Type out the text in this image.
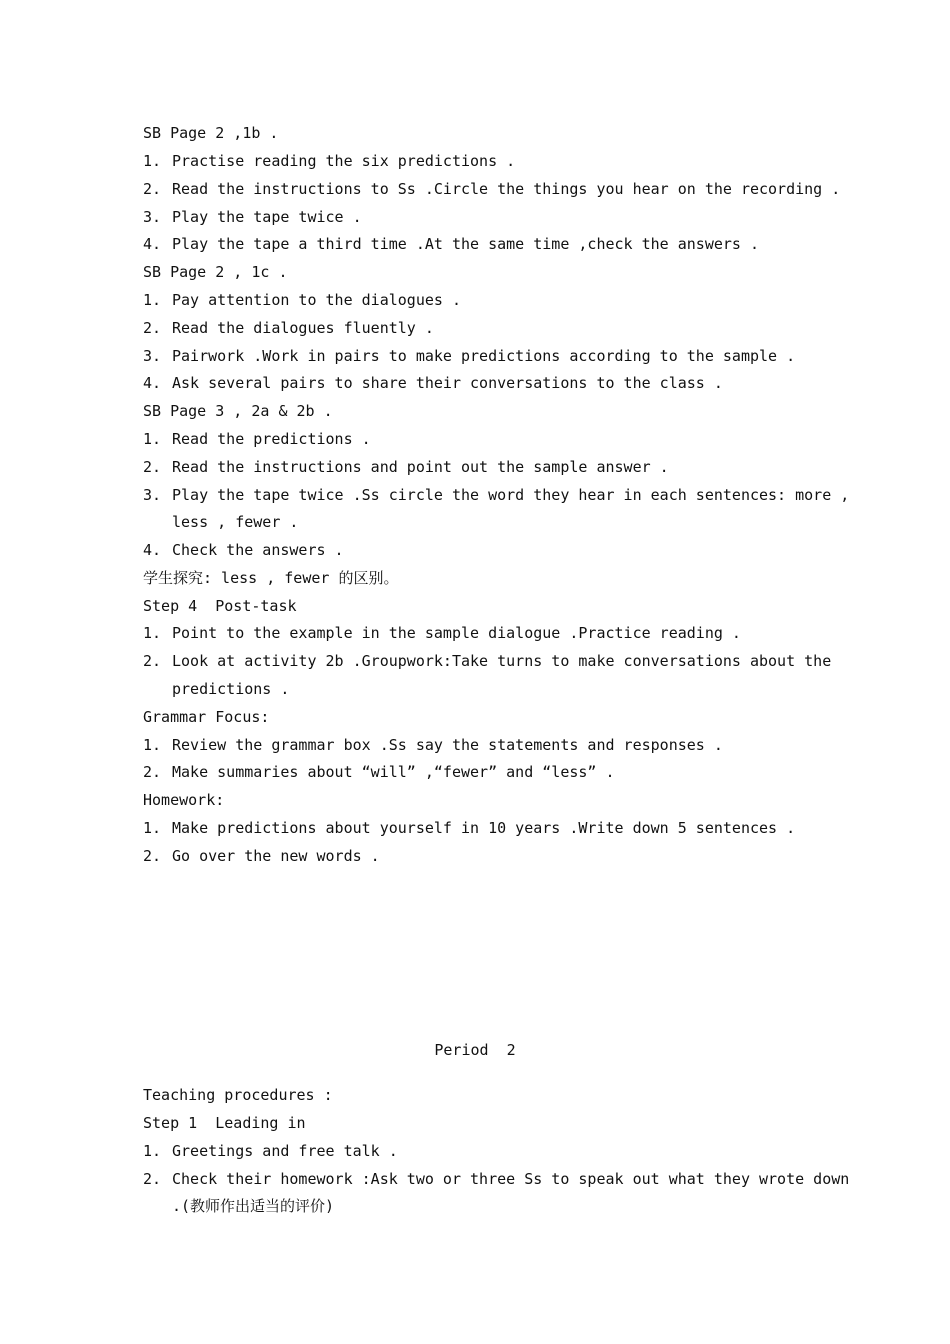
SB Page 2 ,1b .
1. Practise reading the six predictions .
2. Read the instructions to Ss .Circle the things you hear on the recording .
3. Play the tape twice .
4. Play the tape a third time .At the same time ,check the answers .
SB Page 2 , 1c .
1. Pay attention to the dialogues .
2. Read the dialogues fluently .
3. Pairwork .Work in pairs to make predictions according to the sample .
4. Ask several pairs to share their conversations to the class .
SB Page 3 , 2a & 2b .
1. Read the predictions .
2. Read the instructions and point out the sample answer .
3. Play the tape twice .Ss circle the word they hear in each sentences: more ,
less , fewer .
4. Check the answers .
学生探究: less , fewer 的区别。
Step 4  Post-task
1. Point to the example in the sample dialogue .Practice reading .
2. Look at activity 2b .Groupwork:Take turns to make conversations about the
predictions .
Grammar Focus:
1. Review the grammar box .Ss say the statements and responses .
2. Make summaries about “will” ,“fewer” and “less” .
Homework:
1. Make predictions about yourself in 10 years .Write down 5 sentences .
2. Go over the new words .
Period  2
Teaching procedures :
Step 1  Leading in
1. Greetings and free talk .
2. Check their homework :Ask two or three Ss to speak out what they wrote down
.(教师作出适当的评价)
